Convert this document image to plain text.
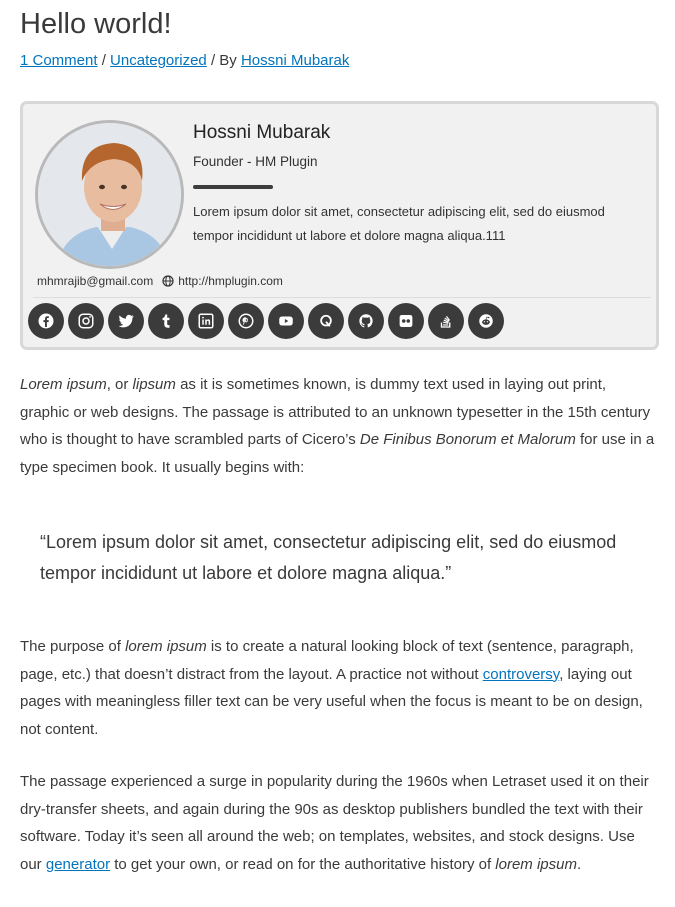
Hello world!
1 Comment / Uncategorized / By Hossni Mubarak
Hossni Mubarak
Founder - HM Plugin
Lorem ipsum dolor sit amet, consectetur adipiscing elit, sed do eiusmod tempor incididunt ut labore et dolore magna aliqua.111
mhmrajib@gmail.com http://hmplugin.com

Lorem ipsum, or lipsum as it is sometimes known, is dummy text used in laying out print, graphic or web designs. The passage is attributed to an unknown typesetter in the 15th century who is thought to have scrambled parts of Cicero’s De Finibus Bonorum et Malorum for use in a type specimen book. It usually begins with:

“Lorem ipsum dolor sit amet, consectetur adipiscing elit, sed do eiusmod tempor incididunt ut labore et dolore magna aliqua.”

The purpose of lorem ipsum is to create a natural looking block of text (sentence, paragraph, page, etc.) that doesn’t distract from the layout. A practice not without controversy, laying out pages with meaningless filler text can be very useful when the focus is meant to be on design, not content.

The passage experienced a surge in popularity during the 1960s when Letraset used it on their dry-transfer sheets, and again during the 90s as desktop publishers bundled the text with their software. Today it’s seen all around the web; on templates, websites, and stock designs. Use our generator to get your own, or read on for the authoritative history of lorem ipsum.
